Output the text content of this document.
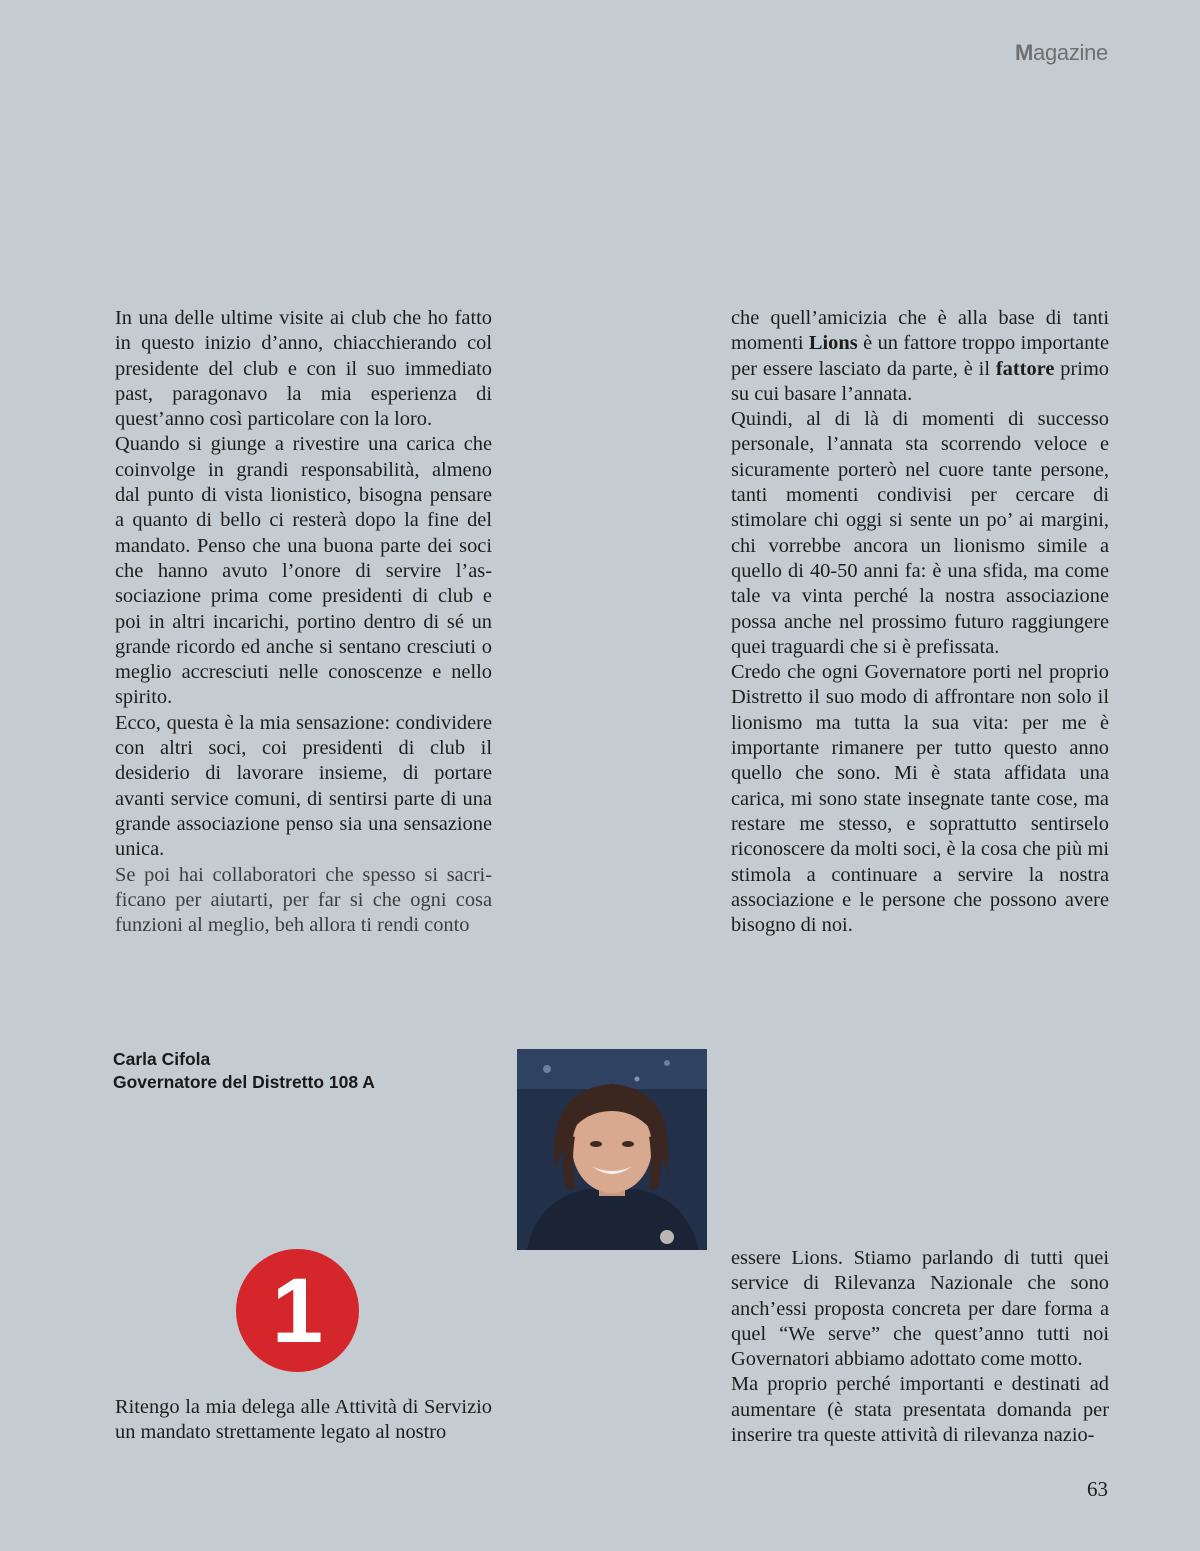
Magazine

In una delle ultime visite ai club che ho fatto in questo inizio d’anno, chiacchierando col presidente del club e con il suo immediato past, paragonavo la mia esperienza di quest’anno così particolare con la loro.

Quando si giunge a rivestire una carica che coinvolge in grandi responsabilità, almeno dal punto di vista lionistico, bisogna pensare a quanto di bello ci resterà dopo la fine del mandato. Penso che una buona parte dei soci che hanno avuto l’onore di servire l’associazione prima come presidenti di club e poi in altri incarichi, portino dentro di sé un grande ricordo ed anche si sentano cresciuti o meglio accresciuti nelle conoscenze e nello spirito.

Ecco, questa è la mia sensazione: condividere con altri soci, coi presidenti di club il desiderio di lavorare insieme, di portare avanti service comuni, di sentirsi parte di una grande associazione penso sia una sensazione unica.

Se poi hai collaboratori che spesso si sacrificano per aiutarti, per far si che ogni cosa funzioni al meglio, beh allora ti rendi conto

che quell’amicizia che è alla base di tanti momenti Lions è un fattore troppo importante per essere lasciato da parte, è il fattore primo su cui basare l’annata.

Quindi, al di là di momenti di successo personale, l’annata sta scorrendo veloce e sicuramente porterò nel cuore tante persone, tanti momenti condivisi per cercare di stimolare chi oggi si sente un po’ ai margini, chi vorrebbe ancora un lionismo simile a quello di 40-50 anni fa: è una sfida, ma come tale va vinta perché la nostra associazione possa anche nel prossimo futuro raggiungere quei traguardi che si è prefissata.

Credo che ogni Governatore porti nel proprio Distretto il suo modo di affrontare non solo il lionismo ma tutta la sua vita: per me è importante rimanere per tutto questo anno quello che sono. Mi è stata affidata una carica, mi sono state insegnate tante cose, ma restare me stesso, e soprattutto sentirselo riconoscere da molti soci, è la cosa che più mi stimola a continuare a servire la nostra associazione e le persone che possono avere bisogno di noi.

Carla Cifola
Governatore del Distretto 108 A
1

essere Lions. Stiamo parlando di tutti quei service di Rilevanza Nazionale che sono anch’essi proposta concreta per dare forma a quel “We serve” che quest’anno tutti noi Governatori abbiamo adottato come motto.

Ma proprio perché importanti e destinati ad aumentare (è stata presentata domanda per inserire tra queste attività di rilevanza nazio-

Ritengo la mia delega alle Attività di Servizio un mandato strettamente legato al nostro

63
